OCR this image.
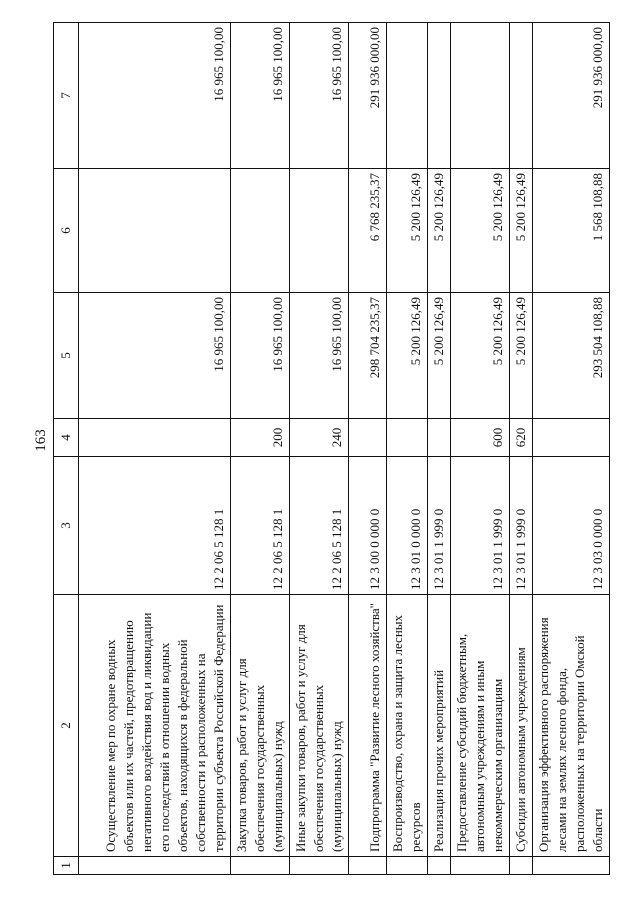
163
1	2	3	4	5	6	7
	Осуществление мер по охране водных объектов или их частей, предотвращению негативного воздействия вод и ликвидации его последствий в отношении водных объектов, находящихся в федеральной собственности и расположенных на территории субъекта Российской Федерации	12 2 06 5 128 1		16 965 100,00		16 965 100,00
	Закупка товаров, работ и услуг для обеспечения государственных (муниципальных) нужд	12 2 06 5 128 1	200	16 965 100,00		16 965 100,00
	Иные закупки товаров, работ и услуг для обеспечения государственных (муниципальных) нужд	12 2 06 5 128 1	240	16 965 100,00		16 965 100,00
	Подпрограмма "Развитие лесного хозяйства"	12 3 00 0 000 0		298 704 235,37	6 768 235,37	291 936 000,00
	Воспроизводство, охрана и защита лесных ресурсов	12 3 01 0 000 0		5 200 126,49	5 200 126,49	
	Реализация прочих мероприятий	12 3 01 1 999 0		5 200 126,49	5 200 126,49	
	Предоставление субсидий бюджетным, автономным учреждениям и иным некоммерческим организациям	12 3 01 1 999 0	600	5 200 126,49	5 200 126,49	
	Субсидии автономным учреждениям	12 3 01 1 999 0	620	5 200 126,49	5 200 126,49	
	Организация эффективного распоряжения лесами на землях лесного фонда, расположенных на территории Омской области	12 3 03 0 000 0		293 504 108,88	1 568 108,88	291 936 000,00
